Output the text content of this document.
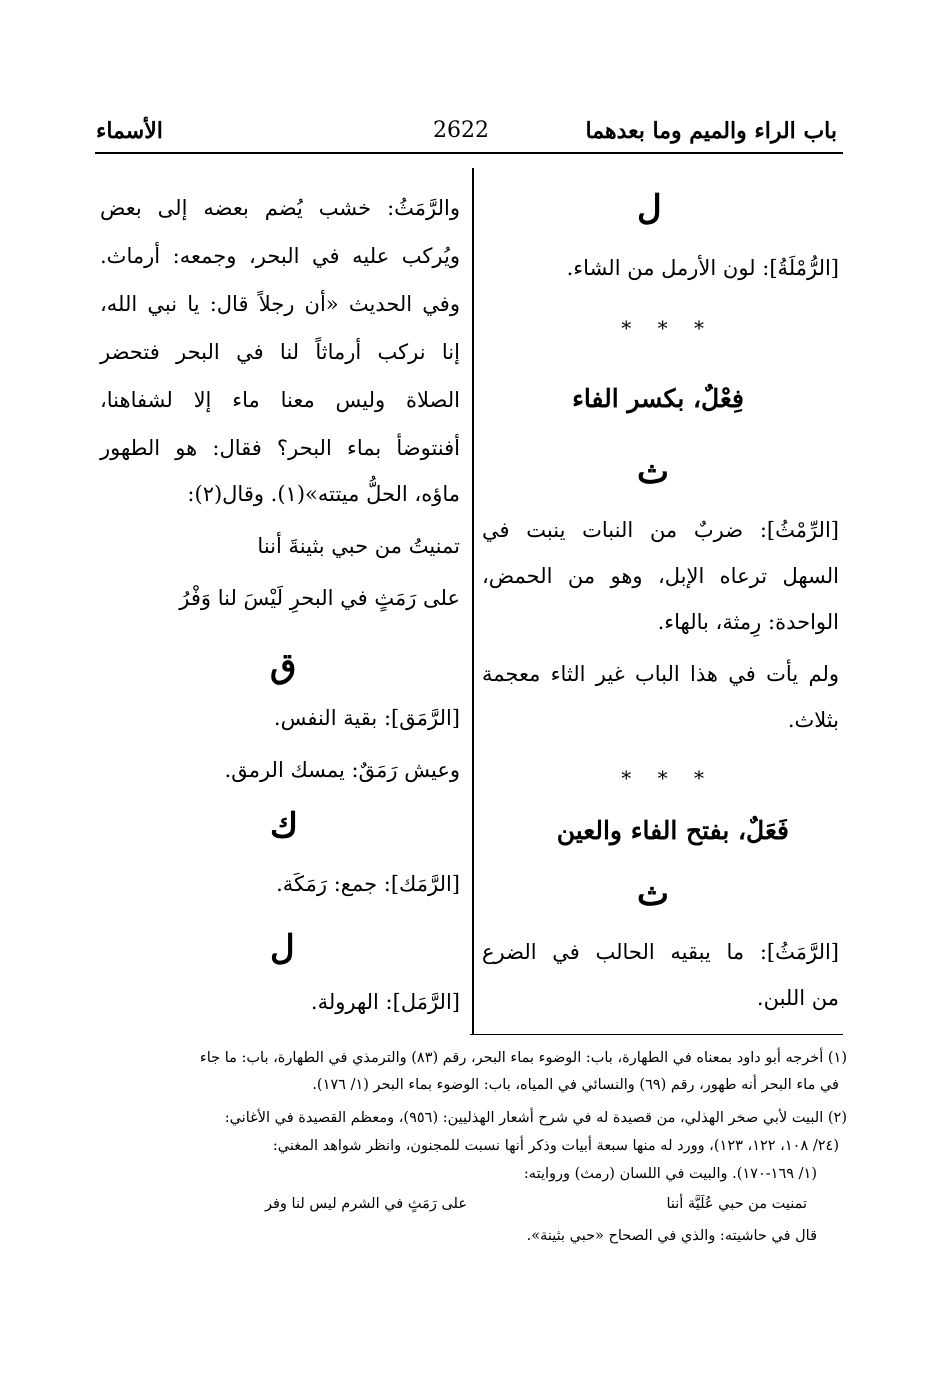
باب الراء والميم وما بعدهما
2622
الأسماء
ل
[الرُّمْلَةُ]: لون الأرمل من الشاء.
* * *
فِعْلٌ، بكسر الفاء
ث
[الرِّمْثُ]: ضربٌ من النبات ينبت في
السهل ترعاه الإبل، وهو من الحمض،
الواحدة: رِمثة، بالهاء.
ولم يأت في هذا الباب غير الثاء معجمة
بثلاث.
* * *
فَعَلٌ، بفتح الفاء والعين
ث
[الرَّمَثُ]: ما يبقيه الحالب في الضرع
من اللبن.
والرَّمَثُ: خشب يُضم بعضه إلى بعض
ويُركب عليه في البحر، وجمعه: أرماث.
وفي الحديث «أن رجلاً قال: يا نبي الله،
إنا نركب أرماثاً لنا في البحر فتحضر
الصلاة وليس معنا ماء إلا لشفاهنا،
أفنتوضأ بماء البحر؟ فقال: هو الطهور
ماؤه، الحلُّ ميتته»(١). وقال(٢):
تمنيتُ من حبي بثينةَ أننا
على رَمَثٍ في البحرِ لَيْسَ لنا وَفْرُ
ق
[الرَّمَق]: بقية النفس.
وعيش رَمَقٌ: يمسك الرمق.
ك
[الرَّمَك]: جمع: رَمَكَة.
ل
[الرَّمَل]: الهرولة.
(١) أخرجه أبو داود بمعناه في الطهارة، باب: الوضوء بماء البحر، رقم (٨٣) والترمذي في الطهارة، باب: ما جاء
في ماء البحر أنه طهور، رقم (٦٩) والنسائي في المياه، باب: الوضوء بماء البحر (١/ ١٧٦).
(٢) البيت لأبي صخر الهذلي، من قصيدة له في شرح أشعار الهذليين: (٩٥٦)، ومعظم القصيدة في الأغاني:
(٢٤/ ١٠٨، ١٢٢، ١٢٣)، وورد له منها سبعة أبيات وذكر أنها نسبت للمجنون، وانظر شواهد المغني:
(١/ ١٦٩-١٧٠). والبيت في اللسان (رمث) وروايته:
تمنيت من حبي عُلَيَّة أننا
على رَمَثٍ في الشرم ليس لنا وفر
قال في حاشيته: والذي في الصحاح «حبي بثينة».
